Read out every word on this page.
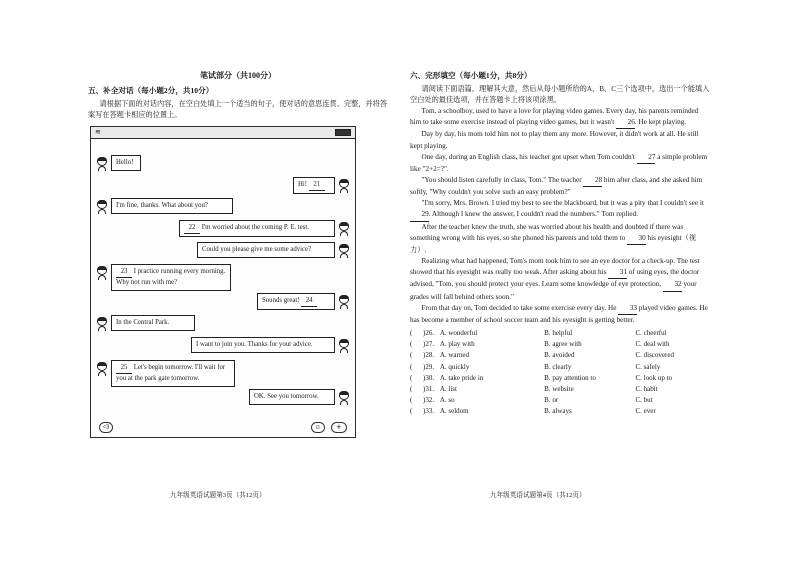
笔试部分（共100分）
五、补全对话（每小题2分，共10分）
请根据下面的对话内容，在空白处填上一个适当的句子，使对话的意思连贯、完整，并将答案写在答题卡相应的位置上。
≋
Hello!
Hi! 21
I'm fine, thanks. What about you?
22 I'm worried about the coming P. E. test.
Could you please give me some advice?
23 I practice running every morning. Why not run with me?
Sounds great! 24
In the Central Park.
I want to join you. Thanks for your advice.
25 Let's begin tomorrow. I'll wait for you at the park gate tomorrow.
OK. See you tomorrow.
◁)	☺	+
九年级英语试题第3页（共12页）
六、完形填空（每小题1分，共8分）
请阅读下面语篇，理解其大意，然后从每小题所给的A、B、C三个选项中，选出一个能填入空白处的最佳选项，并在答题卡上将该项涂黑。
Tom, a schoolboy, used to have a love for playing video games. Every day, his parents reminded him to take some exercise instead of playing video games, but it wasn't 26. He kept playing.
Day by day, his mom told him not to play them any more. However, it didn't work at all. He still kept playing.
One day, during an English class, his teacher got upset when Tom couldn't 27 a simple problem like "2+2=?".
"You should listen carefully in class, Tom." The teacher 28 him after class, and she asked him softly, "Why couldn't you solve such an easy problem?"
"I'm sorry, Mrs. Brown. I tried my best to see the blackboard, but it was a pity that I couldn't see it 29. Although I knew the answer, I couldn't read the numbers." Tom replied.
After the teacher knew the truth, she was worried about his health and doubted if there was something wrong with his eyes, so she phoned his parents and told them to 30 his eyesight（视力）.
Realizing what had happened, Tom's mom took him to see an eye doctor for a check-up. The test showed that his eyesight was really too weak. After asking about his 31 of using eyes, the doctor advised, "Tom, you should protect your eyes. Learn some knowledge of eye protection, 32 your grades will fall behind others soon."
From that day on, Tom decided to take some exercise every day. He 33 played video games. He has become a member of school soccer team and his eyesight is getting better.
(	)26. A. wonderful	B. helpful	C. cheerful
(	)27. A. play with	B. agree with	C. deal with
(	)28. A. warned	B. avoided	C. discovered
(	)29. A. quickly	B. clearly	C. safely
(	)30. A. take pride in	B. pay attention to	C. look up to
(	)31. A. list	B. website	C. habit
(	)32. A. so	B. or	C. but
(	)33. A. seldom	B. always	C. ever
九年级英语试题第4页（共12页）
